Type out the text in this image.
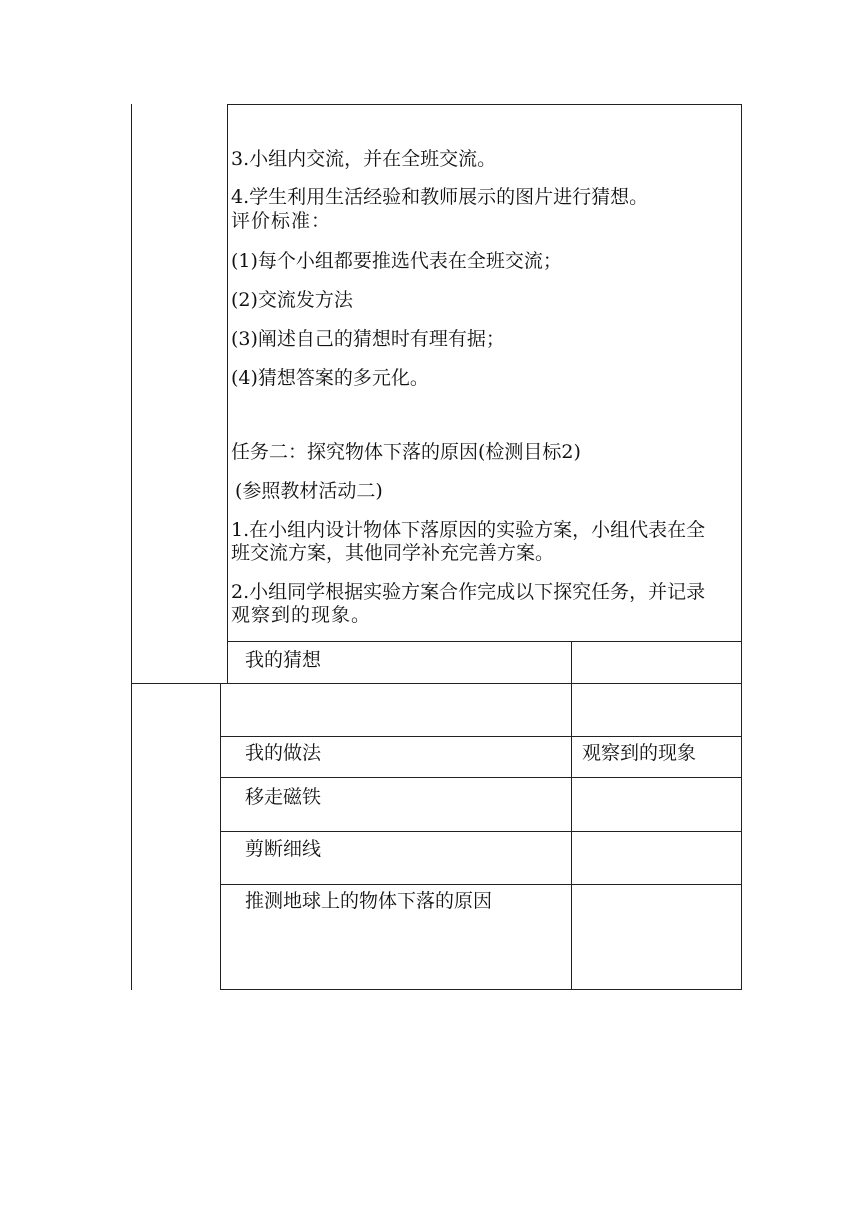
3.小组内交流，并在全班交流。
4.学生利用生活经验和教师展示的图片进行猜想。
评价标准：
(1)每个小组都要推选代表在全班交流；
(2)交流发方法
(3)阐述自己的猜想时有理有据；
(4)猜想答案的多元化。
任务二：探究物体下落的原因(检测目标2)
(参照教材活动二)
1.在小组内设计物体下落原因的实验方案，小组代表在全
班交流方案，其他同学补充完善方案。
2.小组同学根据实验方案合作完成以下探究任务，并记录
观察到的现象。
我的猜想
我的做法	观察到的现象
移走磁铁
剪断细线
推测地球上的物体下落的原因
